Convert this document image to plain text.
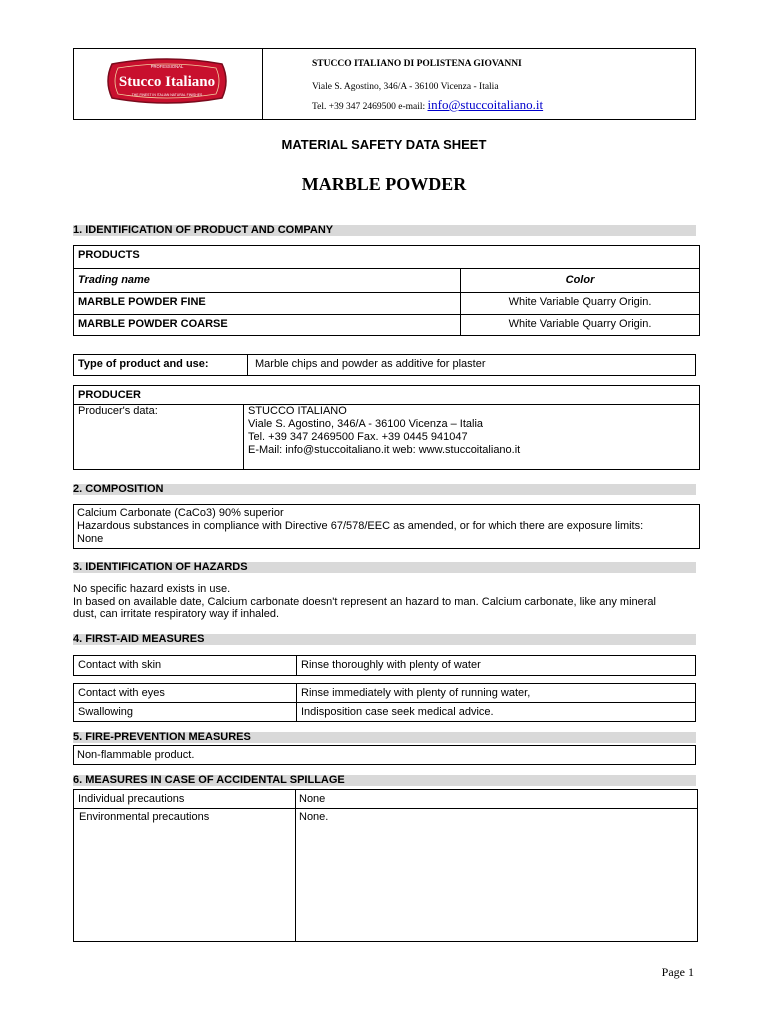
PROFESSIONAL
Stucco Italiano
THE FINEST IN ITALIAN NATURAL FINISHES
STUCCO ITALIANO DI POLISTENA GIOVANNI
Viale S. Agostino, 346/A - 36100 Vicenza - Italia
Tel. +39 347 2469500 e-mail: info@stuccoitaliano.it
MATERIAL SAFETY DATA SHEET
MARBLE POWDER
1. IDENTIFICATION OF PRODUCT AND COMPANY
PRODUCTS
Trading name	Color
MARBLE POWDER FINE	White Variable Quarry Origin.
MARBLE POWDER COARSE	White Variable Quarry Origin.
Type of product and use:	Marble chips and powder as additive for plaster
PRODUCER
Producer's data:	STUCCO ITALIANO
Viale S. Agostino, 346/A - 36100 Vicenza – Italia
Tel. +39 347 2469500 Fax. +39 0445 941047
E-Mail: info@stuccoitaliano.it web: www.stuccoitaliano.it
2. COMPOSITION
Calcium Carbonate (CaCo3) 90% superior
Hazardous substances in compliance with Directive 67/578/EEC as amended, or for which there are exposure limits:
None
3. IDENTIFICATION OF HAZARDS
No specific hazard exists in use.
In based on available date, Calcium carbonate doesn't represent an hazard to man. Calcium carbonate, like any mineral
dust, can irritate respiratory way if inhaled.
4. FIRST-AID MEASURES
Contact with skin	Rinse thoroughly with plenty of water
Contact with eyes	Rinse immediately with plenty of running water,
Swallowing	Indisposition case seek medical advice.
5. FIRE-PREVENTION MEASURES
Non-flammable product.
6. MEASURES IN CASE OF ACCIDENTAL SPILLAGE
Individual precautions	None
Environmental precautions	None.
Page 1
